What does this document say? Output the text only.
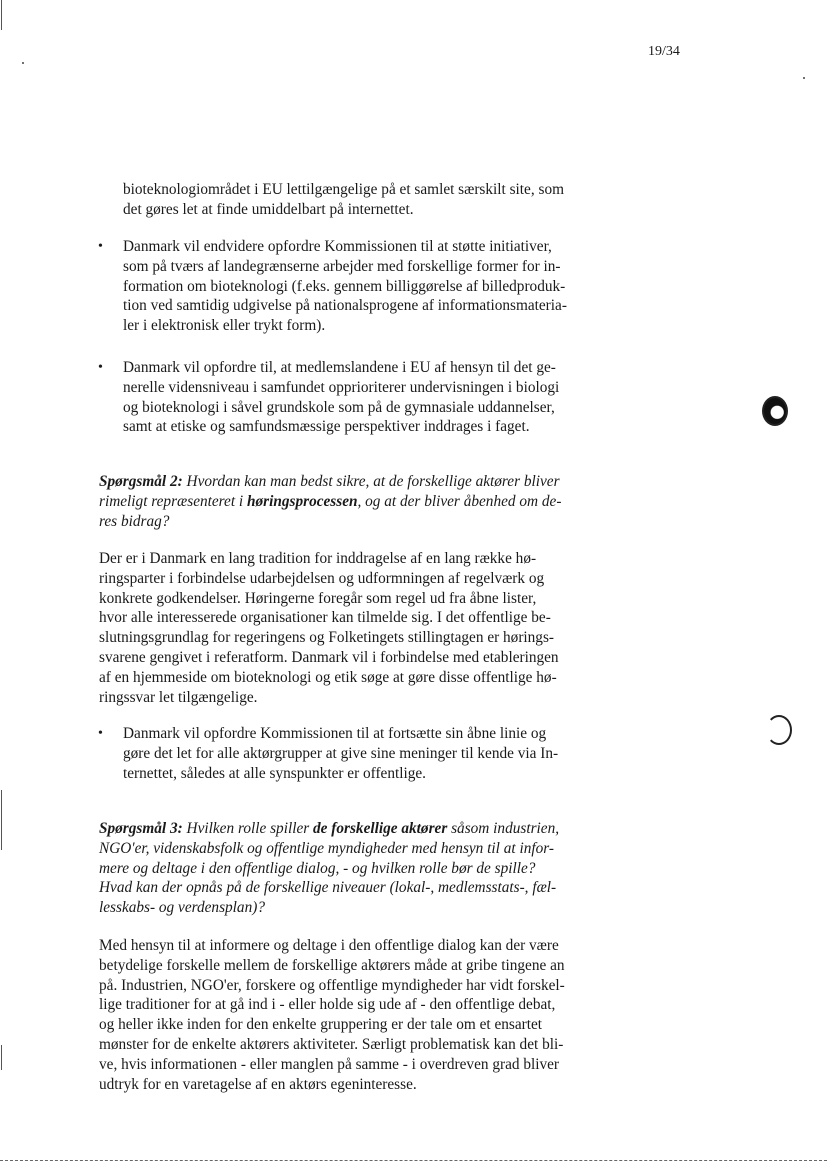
19/34
bioteknologiområdet i EU lettilgængelige på et samlet særskilt site, som
det gøres let at finde umiddelbart på internettet.
• Danmark vil endvidere opfordre Kommissionen til at støtte initiativer,
som på tværs af landegrænserne arbejder med forskellige former for in-
formation om bioteknologi (f.eks. gennem billiggørelse af billedproduk-
tion ved samtidig udgivelse på nationalsprogene af informationsmateria-
ler i elektronisk eller trykt form).
• Danmark vil opfordre til, at medlemslandene i EU af hensyn til det ge-
nerelle vidensniveau i samfundet opprioriterer undervisningen i biologi
og bioteknologi i såvel grundskole som på de gymnasiale uddannelser,
samt at etiske og samfundsmæssige perspektiver inddrages i faget.
Spørgsmål 2: Hvordan kan man bedst sikre, at de forskellige aktører bliver
rimeligt repræsenteret i høringsprocessen, og at der bliver åbenhed om de-
res bidrag?
Der er i Danmark en lang tradition for inddragelse af en lang række hø-
ringsparter i forbindelse udarbejdelsen og udformningen af regelværk og
konkrete godkendelser. Høringerne foregår som regel ud fra åbne lister,
hvor alle interesserede organisationer kan tilmelde sig. I det offentlige be-
slutningsgrundlag for regeringens og Folketingets stillingtagen er hørings-
svarene gengivet i referatform. Danmark vil i forbindelse med etableringen
af en hjemmeside om bioteknologi og etik søge at gøre disse offentlige hø-
ringssvar let tilgængelige.
• Danmark vil opfordre Kommissionen til at fortsætte sin åbne linie og
gøre det let for alle aktørgrupper at give sine meninger til kende via In-
ternettet, således at alle synspunkter er offentlige.
Spørgsmål 3: Hvilken rolle spiller de forskellige aktører såsom industrien,
NGO'er, videnskabsfolk og offentlige myndigheder med hensyn til at infor-
mere og deltage i den offentlige dialog, - og hvilken rolle bør de spille?
Hvad kan der opnås på de forskellige niveauer (lokal-, medlemsstats-, fæl-
lesskabs- og verdensplan)?
Med hensyn til at informere og deltage i den offentlige dialog kan der være
betydelige forskelle mellem de forskellige aktørers måde at gribe tingene an
på. Industrien, NGO'er, forskere og offentlige myndigheder har vidt forskel-
lige traditioner for at gå ind i - eller holde sig ude af - den offentlige debat,
og heller ikke inden for den enkelte gruppering er der tale om et ensartet
mønster for de enkelte aktørers aktiviteter. Særligt problematisk kan det bli-
ve, hvis informationen - eller manglen på samme - i overdreven grad bliver
udtryk for en varetagelse af en aktørs egeninteresse.
